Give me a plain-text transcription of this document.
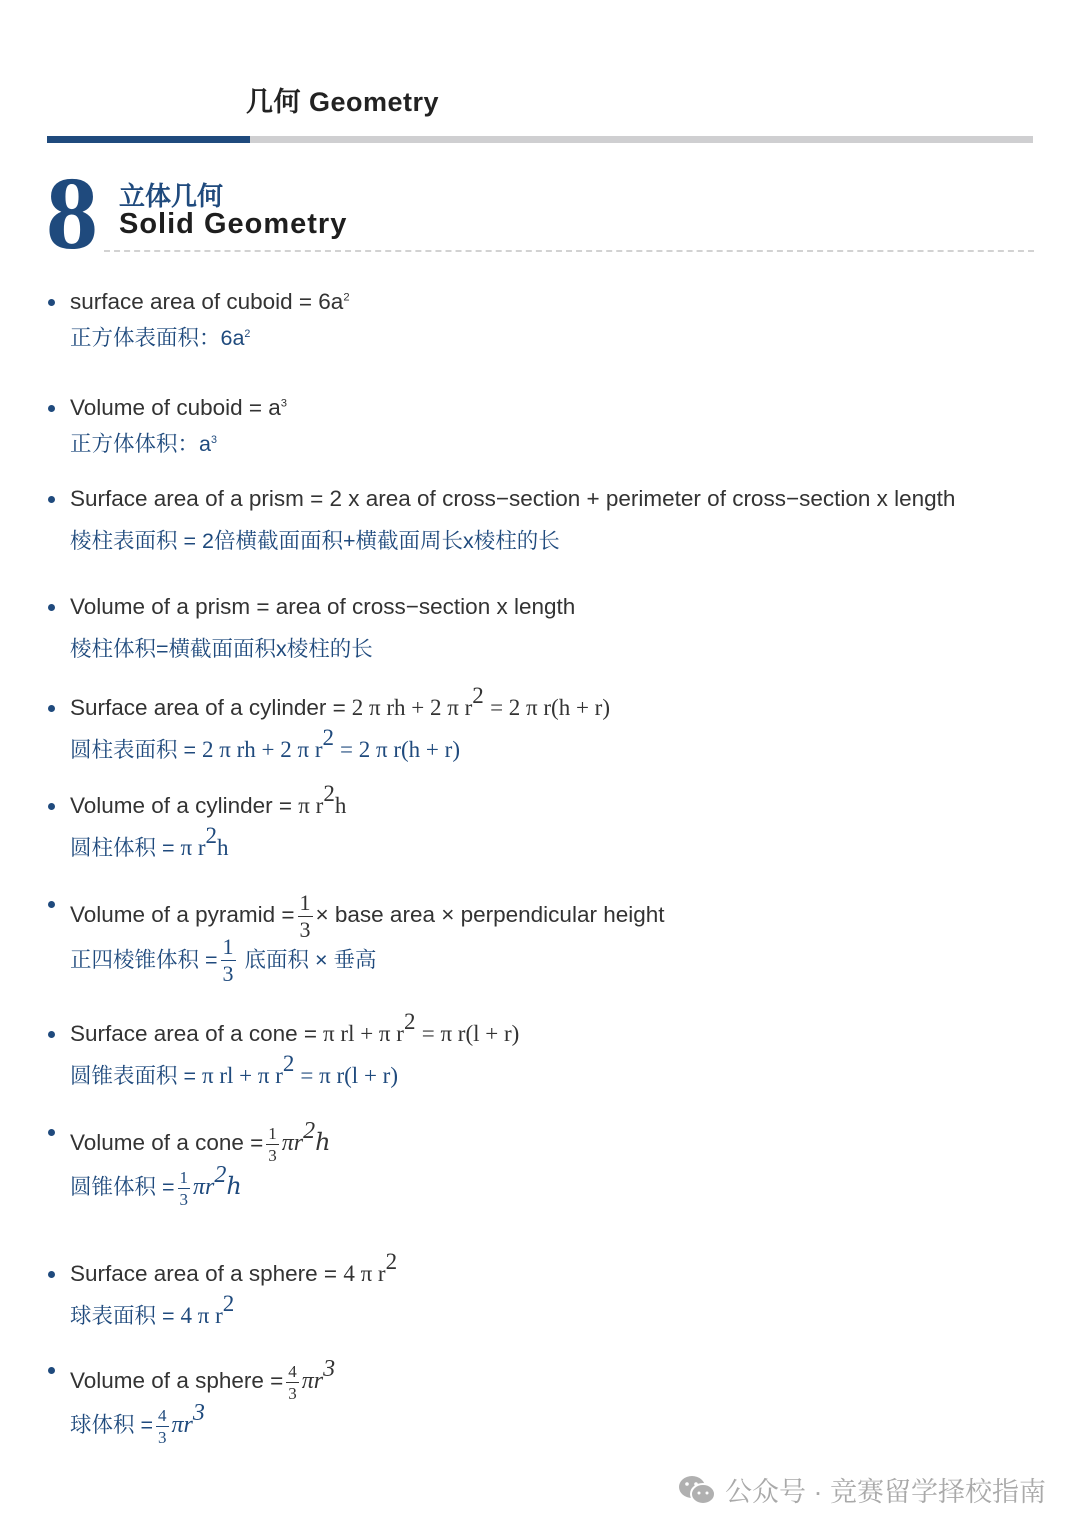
几何 Geometry
8 立体几何
Solid Geometry
surface area of cuboid = $6a^2$
正方体表面积：$6a^2$
Volume of cuboid = $a^3$
正方体体积：$a^3$
Surface area of a prism = 2 x area of cross−section + perimeter of cross−section x length
棱柱表面积 = 2倍横截面面积+横截面周长x棱柱的长
Volume of a prism = area of cross−section x length
棱柱体积=横截面面积x棱柱的长
Surface area of a cylinder = 2 π rh + 2 π $r^2 = 2$ π r(h + r)
圆柱表面积 = 2 π rh + 2 π $r^2 = 2$ π r(h + r)
Volume of a cylinder = π $r^2h$
圆柱体积 = π $r^2h$
Volume of a pyramid = $\frac{1}{3}$ × base area × perpendicular height
正四棱锥体积 = $\frac{1}{3}$ 底面积 × 垂高
Surface area of a cone = π rl + π $r^2 = \pi$ r(l + r)
圆锥表面积 = π rl + π $r^2 = \pi$ r(l + r)
Volume of a cone = $\frac{1}{3}$ $\pi r^2ℎ$
圆锥体积 = $\frac{1}{3}$ $\pi r^2ℎ$
Surface area of a sphere = 4 π $r^2$
球表面积 = 4 π $r^2$
Volume of a sphere = $\frac{4}{3} \pi r^3$
球体积 = $\frac{4}{3} \pi r^3$
公众号 · 竞赛留学择校指南
